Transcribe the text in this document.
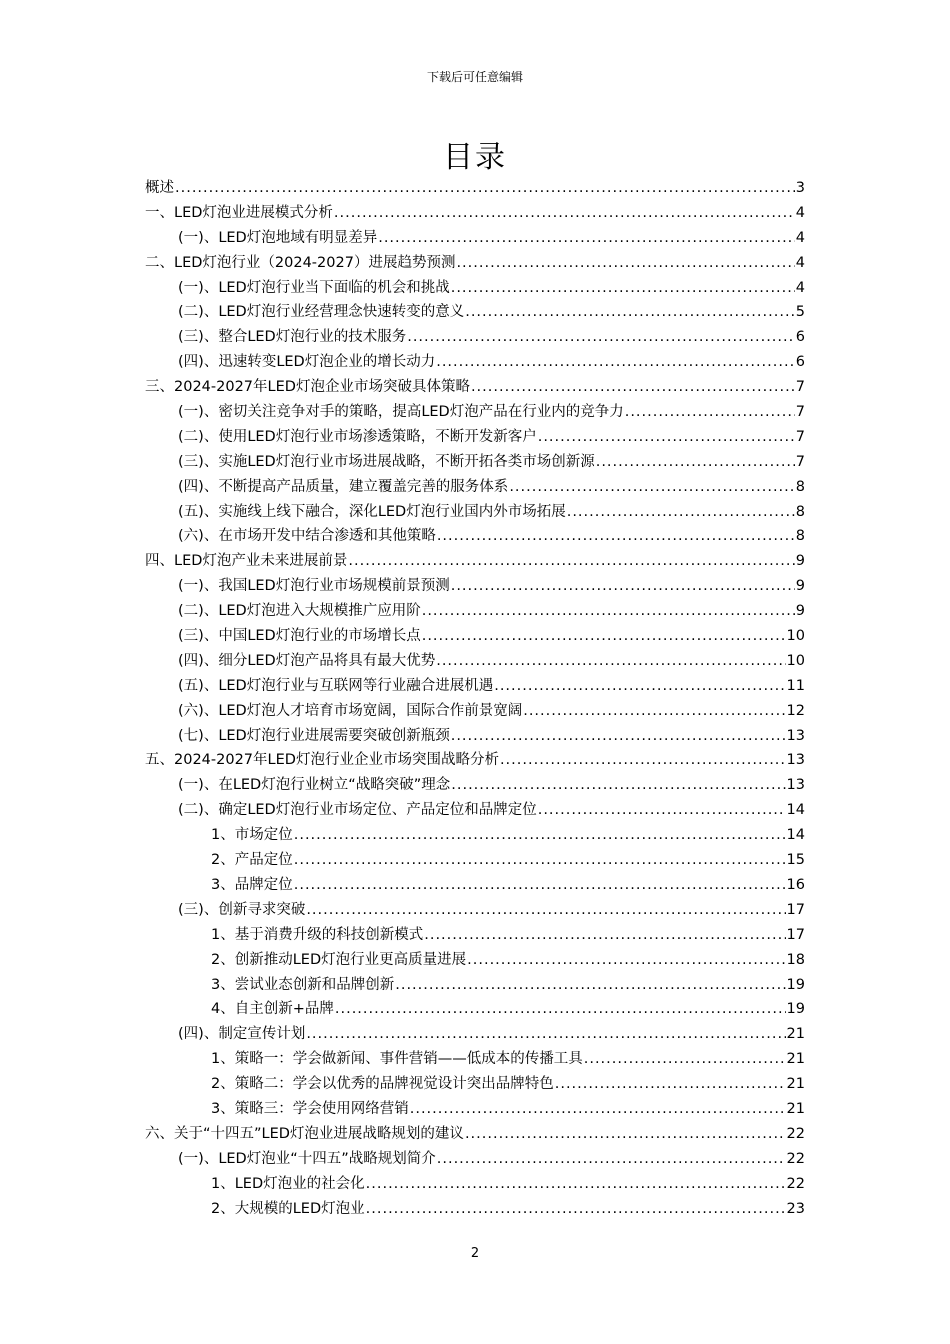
下载后可任意编辑
目录
概述 .....	3
一、LED灯泡业进展模式分析 .....	4
(一)、LED灯泡地域有明显差异 .....	4
二、LED灯泡行业（2024-2027）进展趋势预测 .....	4
(一)、LED灯泡行业当下面临的机会和挑战 .....	4
(二)、LED灯泡行业经营理念快速转变的意义 .....	5
(三)、整合LED灯泡行业的技术服务 .....	6
(四)、迅速转变LED灯泡企业的增长动力 .....	6
三、2024-2027年LED灯泡企业市场突破具体策略 .....	7
(一)、密切关注竞争对手的策略，提高LED灯泡产品在行业内的竞争力 .....	7
(二)、使用LED灯泡行业市场渗透策略，不断开发新客户 .....	7
(三)、实施LED灯泡行业市场进展战略，不断开拓各类市场创新源 .....	7
(四)、不断提高产品质量，建立覆盖完善的服务体系 .....	8
(五)、实施线上线下融合，深化LED灯泡行业国内外市场拓展 .....	8
(六)、在市场开发中结合渗透和其他策略 .....	8
四、LED灯泡产业未来进展前景 .....	9
(一)、我国LED灯泡行业市场规模前景预测 .....	9
(二)、LED灯泡进入大规模推广应用阶 .....	9
(三)、中国LED灯泡行业的市场增长点 .....	10
(四)、细分LED灯泡产品将具有最大优势 .....	10
(五)、LED灯泡行业与互联网等行业融合进展机遇 .....	11
(六)、LED灯泡人才培育市场宽阔，国际合作前景宽阔 .....	12
(七)、LED灯泡行业进展需要突破创新瓶颈 .....	13
五、2024-2027年LED灯泡行业企业市场突围战略分析 .....	13
(一)、在LED灯泡行业树立“战略突破”理念 .....	13
(二)、确定LED灯泡行业市场定位、产品定位和品牌定位 .....	14
1、市场定位 .....	14
2、产品定位 .....	15
3、品牌定位 .....	16
(三)、创新寻求突破 .....	17
1、基于消费升级的科技创新模式 .....	17
2、创新推动LED灯泡行业更高质量进展 .....	18
3、尝试业态创新和品牌创新 .....	19
4、自主创新+品牌 .....	19
(四)、制定宣传计划 .....	21
1、策略一：学会做新闻、事件营销——低成本的传播工具 .....	21
2、策略二：学会以优秀的品牌视觉设计突出品牌特色 .....	21
3、策略三：学会使用网络营销 .....	21
六、关于“十四五”LED灯泡业进展战略规划的建议 .....	22
(一)、LED灯泡业“十四五”战略规划简介 .....	22
1、LED灯泡业的社会化 .....	22
2、大规模的LED灯泡业 .....	23
2
